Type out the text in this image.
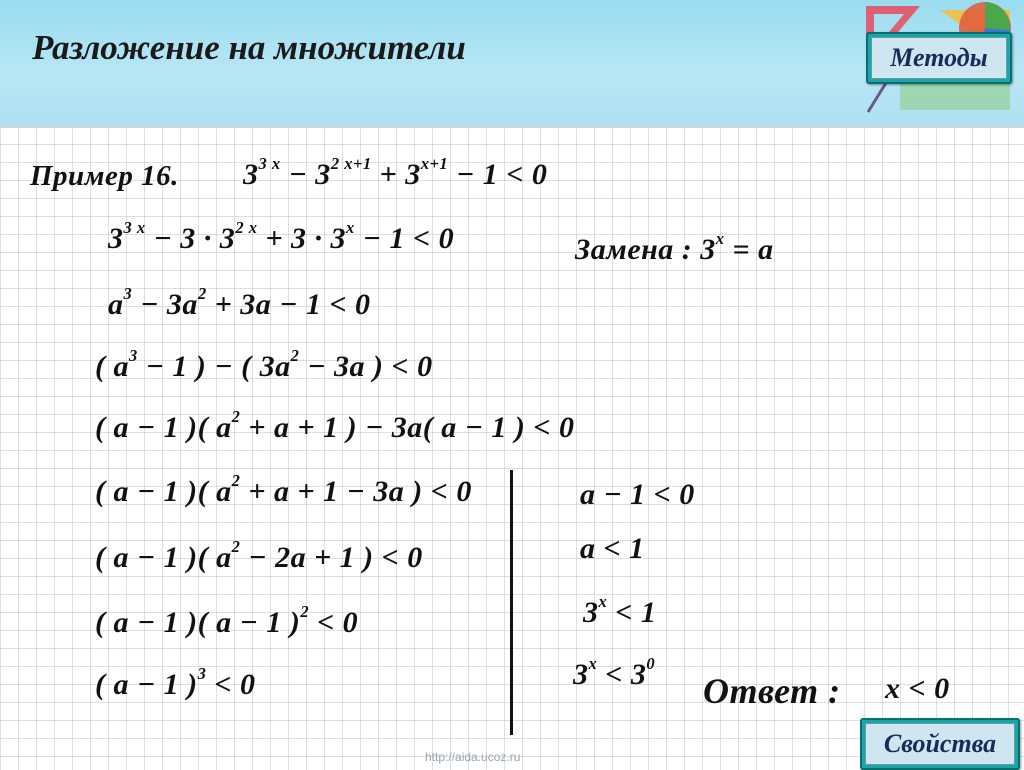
Разложение на множители	Методы
Пример 16. $3^{3 x} - 3^{2 x+1} + 3^{x+1} - 1 < 0$
$3^{3 x} - 3 \cdot 3^{2 x} + 3 \cdot 3^x - 1 < 0$	Замена : $3^x = a$
$a^3 - 3a^2 + 3a - 1 < 0$
( $a^3 - 1$ ) − ( $3a^2 - 3a$ ) < 0
( a − 1 )( $a^2 + a + 1$ ) − 3a( a − 1 ) < 0
( a − 1 )( $a^2 + a + 1 - 3a$ ) < 0
( a − 1 )( $a^2 - 2a + 1$ ) < 0
( a − 1 )( a − 1 )$^2$ < 0
( a − 1 )$^3$ < 0
a − 1 < 0
a < 1
$3^x < 1$
$3^x < 3^0$
Ответ : x < 0
Свойства
http://aida.ucoz.ru
